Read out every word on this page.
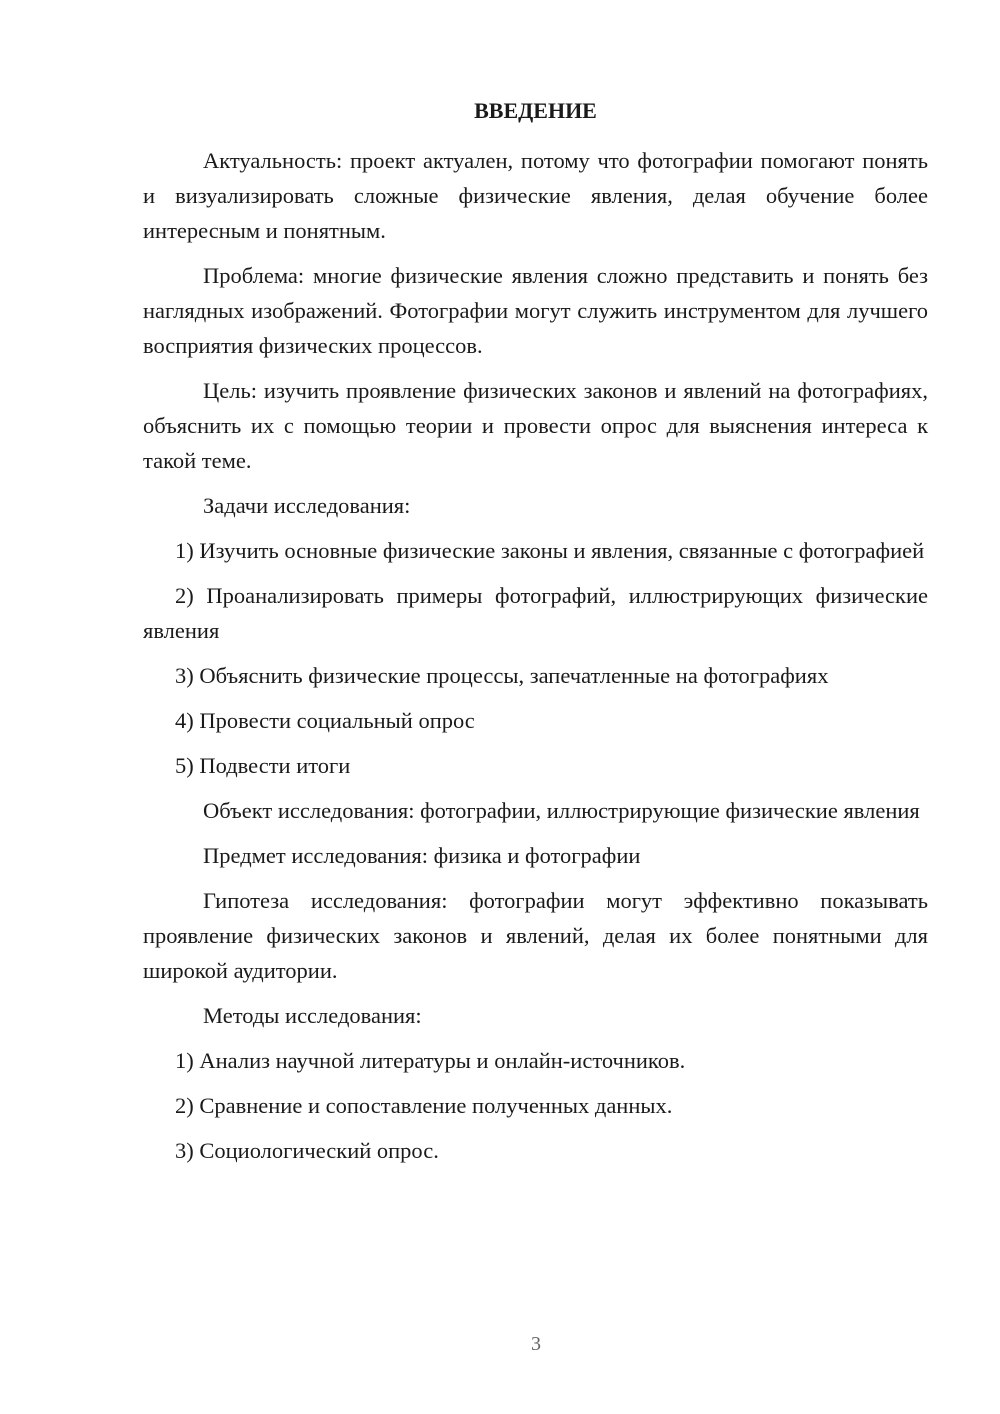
ВВЕДЕНИЕ

Актуальность: проект актуален, потому что фотографии помогают понять и визуализировать сложные физические явления, делая обучение более интересным и понятным.

Проблема: многие физические явления сложно представить и понять без наглядных изображений. Фотографии могут служить инструментом для лучшего восприятия физических процессов.

Цель: изучить проявление физических законов и явлений на фотографиях, объяснить их с помощью теории и провести опрос для выяснения интереса к такой теме.

Задачи исследования:

1) Изучить основные физические законы и явления, связанные с фотографией

2) Проанализировать примеры фотографий, иллюстрирующих физические явления

3) Объяснить физические процессы, запечатленные на фотографиях

4) Провести социальный опрос

5) Подвести итоги

Объект исследования: фотографии, иллюстрирующие физические явления

Предмет исследования: физика и фотографии

Гипотеза исследования: фотографии могут эффективно показывать проявление физических законов и явлений, делая их более понятными для широкой аудитории.

Методы исследования:

1) Анализ научной литературы и онлайн-источников.

2) Сравнение и сопоставление полученных данных.

3) Социологический опрос.

3
